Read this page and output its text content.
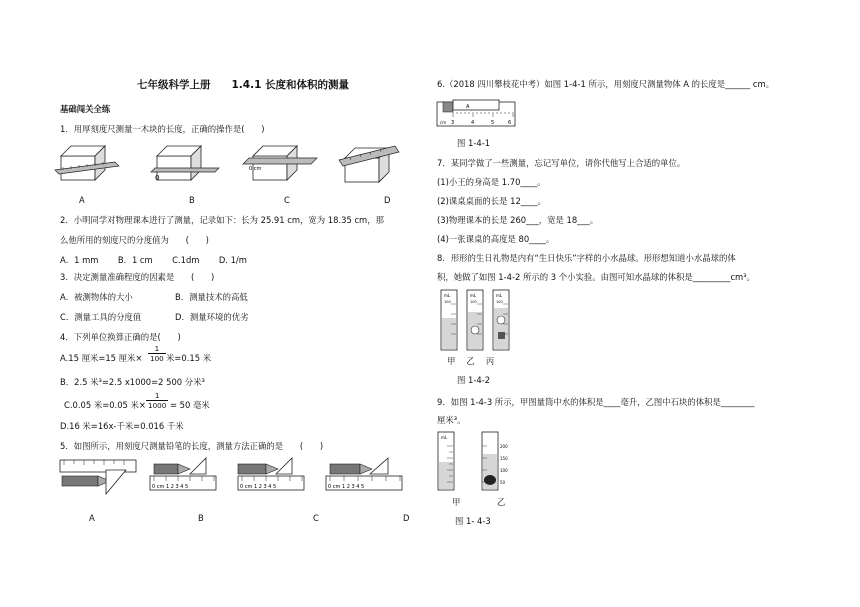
七年级科学上册　　1.4.1 长度和体积的测量
基础闯关全练
1．用厚刻度尺测量一木块的长度，正确的操作是(　　)
0
0 cm
A	B	C	D
2．小明同学对物理课本进行了测量，记录如下：长为 25.91 cm，宽为 18.35 cm，那
么他所用的刻度尺的分度值为　　(　　)
A．1 mm　　 B．1 cm　　 C.1dm　　 D. 1/m
3．决定测量准确程度的因素是　　(　　)
A．被测物体的大小	B．测量技术的高低
C．测量工具的分度值	D．测量环境的优劣
4．下列单位换算正确的是(　　)
A.15 厘米=15 厘米×
1
100 米=0.15 米
B．2.5 米³=2.5 x1000=2 500 分米³
C.0.05 米=0.05 米×
1
1000 = 50 毫米
D.16 米=16x-千米=0.016 千米
5．如图所示，用刻度尺测量铅笔的长度，测量方法正确的是　　(　　)
0 cm 1 2 3 4 5	0 cm 1 2 3 4 5	0 cm 1 2 3 4 5
A	B	C	D
6.（2018 四川攀枝花中考）如图 1-4-1 所示，用刻度尺测量物体 A 的长度是______ cm。
A
3	4	5	6
cm
图 1-4-1
7．某同学做了一些测量，忘记写单位，请你代他写上合适的单位。
(1)小王的身高是 1.70____。
(2)课桌桌面的长是 12____。
(3)物理课本的长是 260___，宽是 18___。
(4)一张课桌的高度是 80____。
8．形形的生日礼物是内有“生日快乐”字样的小水晶球。形形想知道小水晶球的体
积，她做了如图 1-4-2 所示的 3 个小实验。由图可知水晶球的体积是_________cm³。
mL
100
mL
100
mL
100
甲　 乙　 丙
图 1-4-2
9．如图 1-4-3 所示，甲图量筒中水的体积是____毫升，乙图中石块的体积是________
厘米³。
mL
200
150
100
50
甲	乙
图 1- 4-3
